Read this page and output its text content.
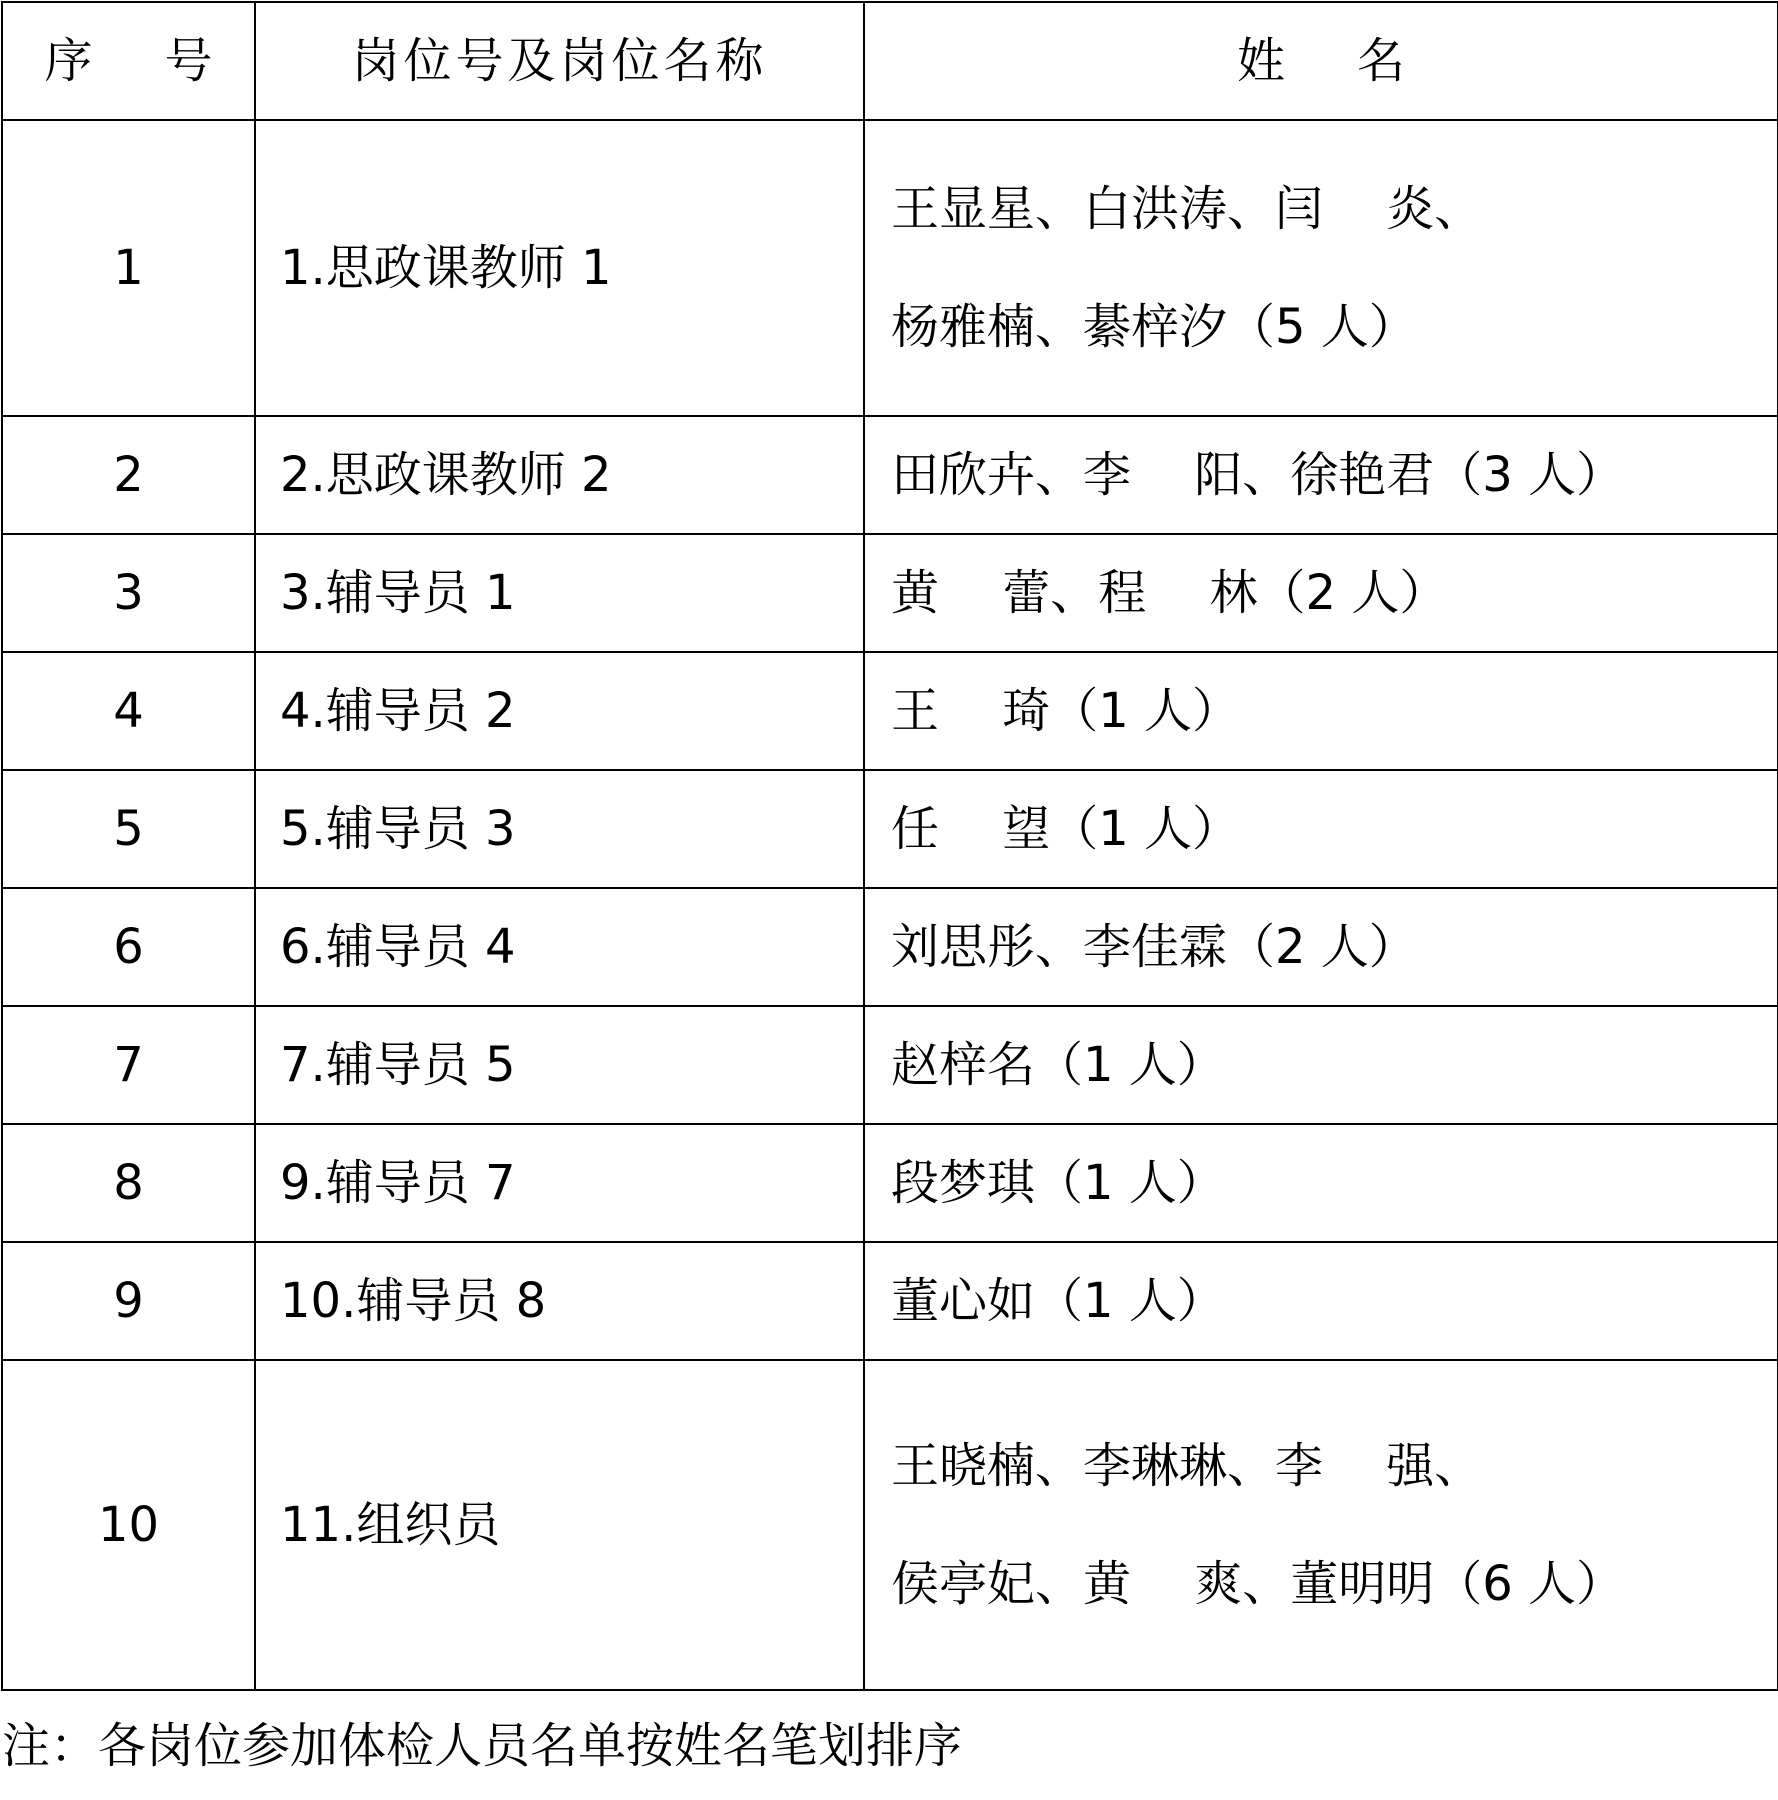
序 号	岗位号及岗位名称	姓 名
1	1.思政课教师 1	王显星、白洪涛、闫　 炎、
杨雅楠、綦梓汐（5 人）

2	2.思政课教师 2	田欣卉、李　 阳、徐艳君（3 人）

3	3.辅导员 1	黄　 蕾、程　 林（2 人）

4	4.辅导员 2	王　 琦（1 人）

5	5.辅导员 3	任　 望（1 人）

6	6.辅导员 4	刘思彤、李佳霖（2 人）

7	7.辅导员 5	赵梓名（1 人）

8	9.辅导员 7	段梦琪（1 人）

9	10.辅导员 8	董心如（1 人）

10	11.组织员	王晓楠、李琳琳、李　 强、
侯亭妃、黄　 爽、董明明（6 人）
注：各岗位参加体检人员名单按姓名笔划排序
